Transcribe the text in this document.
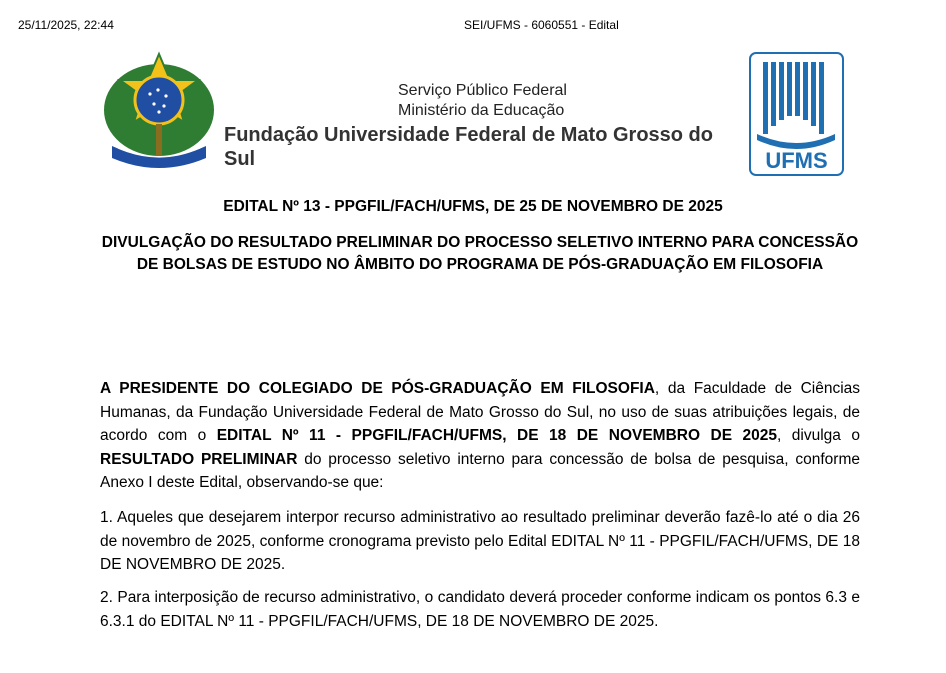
25/11/2025, 22:44	SEI/UFMS - 6060551 - Edital
Serviço Público Federal
Ministério da Educação
Fundação Universidade Federal de Mato Grosso do Sul	UFMS
EDITAL Nº 13 - PPGFIL/FACH/UFMS, DE 25 DE NOVEMBRO DE 2025
DIVULGAÇÃO DO RESULTADO PRELIMINAR DO PROCESSO SELETIVO INTERNO PARA CONCESSÃO DE BOLSAS DE ESTUDO NO ÂMBITO DO PROGRAMA DE PÓS-GRADUAÇÃO EM FILOSOFIA
A PRESIDENTE DO COLEGIADO DE PÓS-GRADUAÇÃO EM FILOSOFIA, da Faculdade de Ciências Humanas, da Fundação Universidade Federal de Mato Grosso do Sul, no uso de suas atribuições legais, de acordo com o EDITAL Nº 11 - PPGFIL/FACH/UFMS, DE 18 DE NOVEMBRO DE 2025, divulga o RESULTADO PRELIMINAR do processo seletivo interno para concessão de bolsa de pesquisa, conforme Anexo I deste Edital, observando-se que:
1. Aqueles que desejarem interpor recurso administrativo ao resultado preliminar deverão fazê-lo até o dia 26 de novembro de 2025, conforme cronograma previsto pelo Edital EDITAL Nº 11 - PPGFIL/FACH/UFMS, DE 18 DE NOVEMBRO DE 2025.
2. Para interposição de recurso administrativo, o candidato deverá proceder conforme indicam os pontos 6.3 e 6.3.1 do EDITAL Nº 11 - PPGFIL/FACH/UFMS, DE 18 DE NOVEMBRO DE 2025.
